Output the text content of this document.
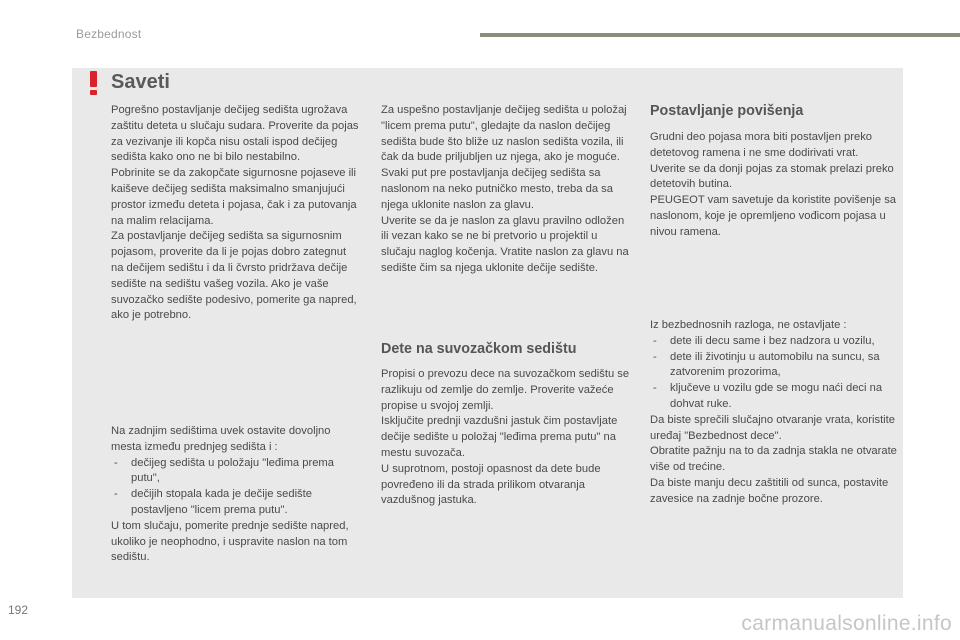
Bezbednost
Saveti

Pogrešno postavljanje dečijeg sedišta ugrožava zaštitu deteta u slučaju sudara. Proverite da pojas za vezivanje ili kopča nisu ostali ispod dečijeg sedišta kako ono ne bi bilo nestabilno.

Pobrinite se da zakopčate sigurnosne pojaseve ili kaiševe dečijeg sedišta maksimalno smanjujući prostor između deteta i pojasa, čak i za putovanja na malim relacijama.

Za postavljanje dečijeg sedišta sa sigurnosnim pojasom, proverite da li je pojas dobro zategnut na dečijem sedištu i da li čvrsto pridržava dečije sedište na sedištu vašeg vozila. Ako je vaše suvozačko sedište podesivo, pomerite ga napred, ako je potrebno.

Na zadnjim sedištima uvek ostavite dovoljno mesta između prednjeg sedišta i :

- dečijeg sedišta u položaju "leđima prema putu",
- dečijih stopala kada je dečije sedište postavljeno "licem prema putu".

U tom slučaju, pomerite prednje sedište napred, ukoliko je neophodno, i uspravite naslon na tom sedištu.

Za uspešno postavljanje dečijeg sedišta u položaj "licem prema putu", gledajte da naslon dečijeg sedišta bude što bliže uz naslon sedišta vozila, ili čak da bude priljubljen uz njega, ako je moguće.

Svaki put pre postavljanja dečijeg sedištа sa naslonom na neko putničko mesto, treba da sa njega uklonite naslon za glavu.

Uverite se da je naslon za glavu pravilno odložen ili vezan kako se ne bi pretvorio u projektil u slučaju naglog kočenja. Vratite naslon za glavu na sedište čim sa njega uklonite dečije sedište.

Dete na suvozačkom sedištu

Propisi o prevozu dece na suvozačkom sedištu se razlikuju od zemlje do zemlje. Proverite važeće propise u svojoj zemlji.

Isključite prednji vazdušni jastuk čim postavljate dečije sedište u položaj "leđima prema putu" na mestu suvozača.

U suprotnom, postoji opasnost da dete bude povređeno ili da strada prilikom otvaranja vazdušnog jastuka.

Postavljanje povišenja

Grudni deo pojasa mora biti postavljen preko detetovog ramena i ne sme dodirivati vrat.

Uverite se da donji pojas za stomak prelazi preko detetovih butina.

PEUGEOT vam savetuje da koristite povišenje sa naslonom, koje je opremljeno vođicom pojasa u nivou ramena.

Iz bezbednosnih razloga, ne ostavljate :

- dete ili decu same i bez nadzora u vozilu,
- dete ili životinju u automobilu na suncu, sa zatvorenim prozorima,
- ključeve u vozilu gde se mogu naći deci na dohvat ruke.

Da biste sprečili slučajno otvaranje vrata, koristite uređaj "Bezbednost dece".

Obratite pažnju na to da zadnja stakla ne otvarate više od trećine.

Da biste manju decu zaštitili od sunca, postavite zavesice na zadnje bočne prozore.

192
carmanualsonline.info
